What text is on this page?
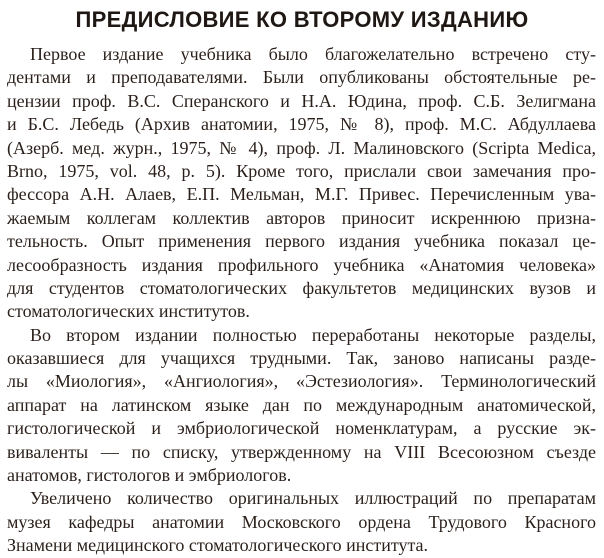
ПРЕДИСЛОВИЕ КО ВТОРОМУ ИЗДАНИЮ
Первое издание учебника было благожелательно встречено сту-
дентами и преподавателями. Были опубликованы обстоятельные ре-
цензии проф. В.С. Сперанского и Н.А. Юдина, проф. С.Б. Зелигмана
и Б.С. Лебедь (Архив анатомии, 1975, № 8), проф. М.С. Абдуллаева
(Азерб. мед. журн., 1975, № 4), проф. Л. Малиновского (Scripta Medica,
Brno, 1975, vol. 48, p. 5). Кроме того, прислали свои замечания про-
фессора А.Н. Алаев, Е.П. Мельман, М.Г. Привес. Перечисленным ува-
жаемым коллегам коллектив авторов приносит искреннюю призна-
тельность. Опыт применения первого издания учебника показал це-
лесообразность издания профильного учебника «Анатомия человека»
для студентов стоматологических факультетов медицинских вузов и
стоматологических институтов.
Во втором издании полностью переработаны некоторые разделы,
оказавшиеся для учащихся трудными. Так, заново написаны разде-
лы «Миология», «Ангиология», «Эстезиология». Терминологический
аппарат на латинском языке дан по международным анатомической,
гистологической и эмбриологической номенклатурам, а русские эк-
виваленты — по списку, утвержденному на VIII Всесоюзном съезде
анатомов, гистологов и эмбриологов.
Увеличено количество оригинальных иллюстраций по препаратам
музея кафедры анатомии Московского ордена Трудового Красного
Знамени медицинского стоматологического института.
